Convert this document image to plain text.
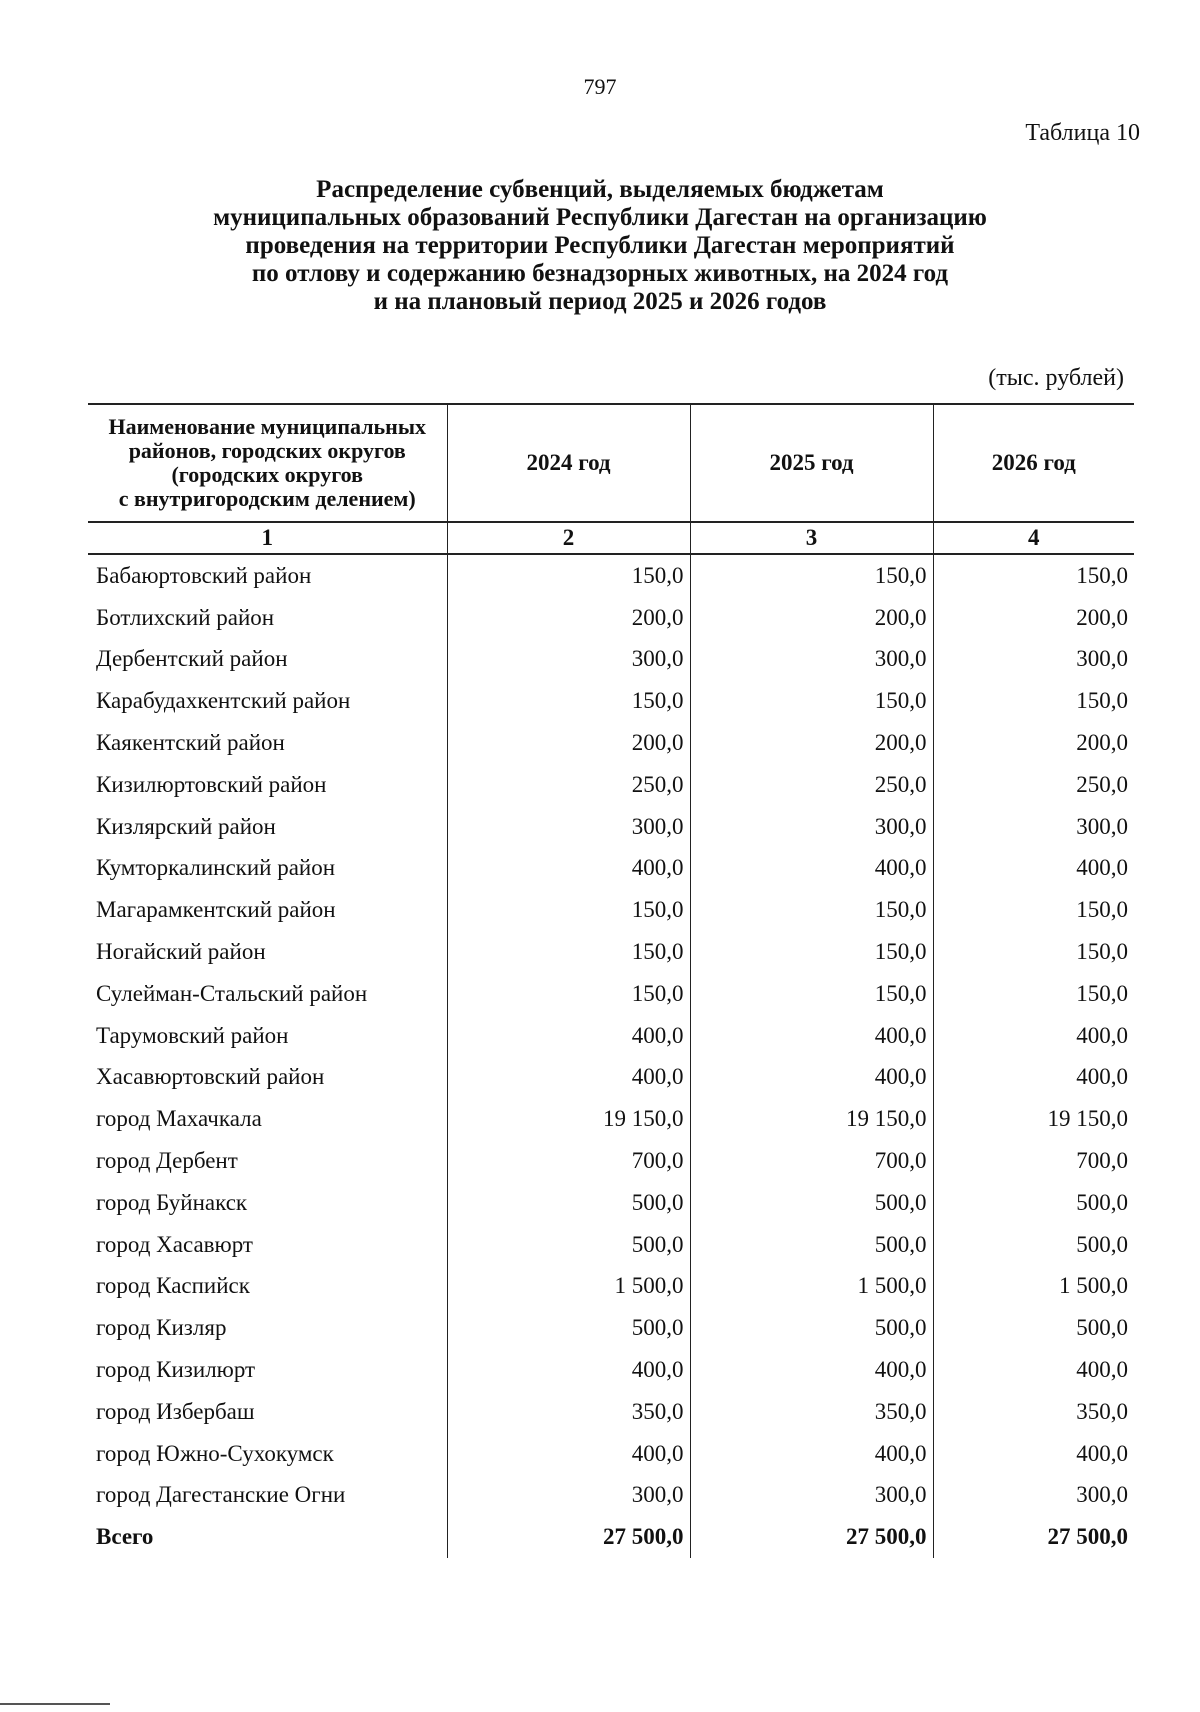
797
Таблица 10
Распределение субвенций, выделяемых бюджетам
муниципальных образований Республики Дагестан на организацию
проведения на территории Республики Дагестан мероприятий
по отлову и содержанию безнадзорных животных, на 2024 год
и на плановый период 2025 и 2026 годов
(тыс. рублей)
Наименование муниципальных
районов, городских округов
(городских округов
с внутригородским делением)	2024 год	2025 год	2026 год
1	2	3	4
Бабаюртовский район	150,0	150,0	150,0
Ботлихский район	200,0	200,0	200,0
Дербентский район	300,0	300,0	300,0
Карабудахкентский район	150,0	150,0	150,0
Каякентский район	200,0	200,0	200,0
Кизилюртовский район	250,0	250,0	250,0
Кизлярский район	300,0	300,0	300,0
Кумторкалинский район	400,0	400,0	400,0
Магарамкентский район	150,0	150,0	150,0
Ногайский район	150,0	150,0	150,0
Сулейман-Стальский район	150,0	150,0	150,0
Тарумовский район	400,0	400,0	400,0
Хасавюртовский район	400,0	400,0	400,0
город Махачкала	19 150,0	19 150,0	19 150,0
город Дербент	700,0	700,0	700,0
город Буйнакск	500,0	500,0	500,0
город Хасавюрт	500,0	500,0	500,0
город Каспийск	1 500,0	1 500,0	1 500,0
город Кизляр	500,0	500,0	500,0
город Кизилюрт	400,0	400,0	400,0
город Избербаш	350,0	350,0	350,0
город Южно-Сухокумск	400,0	400,0	400,0
город Дагестанские Огни	300,0	300,0	300,0
Всего	27 500,0	27 500,0	27 500,0
